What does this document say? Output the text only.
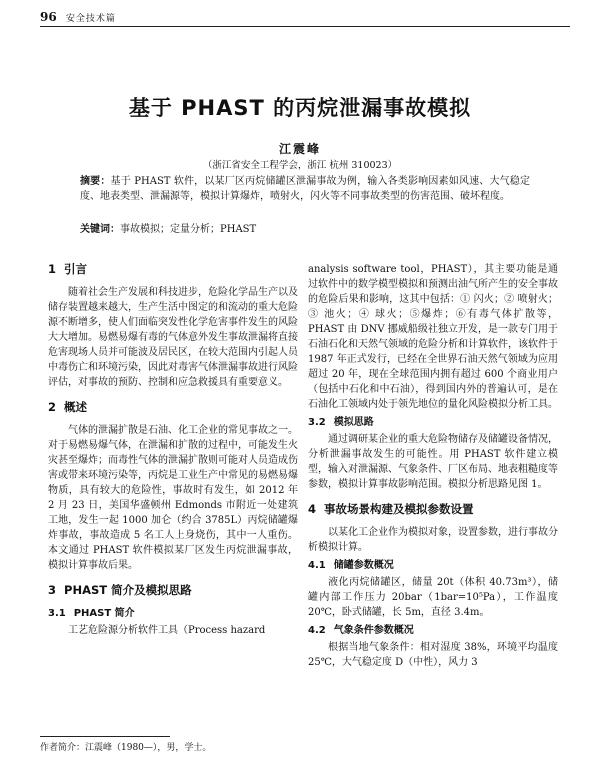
96 安全技术篇
基于 PHAST 的丙烷泄漏事故模拟
江震峰
（浙江省安全工程学会，浙江 杭州 310023）
摘要：基于 PHAST 软件，以某厂区丙烷储罐区泄漏事故为例，输入各类影响因素如风速、大气稳定度、地表类型、泄漏源等，模拟计算爆炸，喷射火，闪火等不同事故类型的伤害范围、破坏程度。
关键词：事故模拟；定量分析；PHAST
1 引言

随着社会生产发展和科技进步，危险化学品生产以及储存装置越来越大，生产生活中图定的和流动的重大危险源不断增多，使人们面临突发性化学危害事件发生的风险大大增加。易燃易爆有毒的气体意外发生事故泄漏将直接危害现场人员并可能波及居民区，在较大范围内引起人员中毒伤亡和环境污染，因此对毒害气体泄漏事故进行风险评估，对事故的预防、控制和应急救援具有重要意义。

2 概述

气体的泄漏扩散是石油、化工企业的常见事故之一。对于易燃易爆气体，在泄漏和扩散的过程中，可能发生火灾甚至爆炸；而毒性气体的泄漏扩散则可能对人员造成伤害或带来环境污染等，丙烷是工业生产中常见的易燃易爆物质，具有较大的危险性，事故时有发生，如 2012 年 2 月 23 日，美国华盛顿州 Edmonds 市附近一处建筑工地，发生一起 1000 加仑（约合 3785L）丙烷储罐爆炸事故，事故造成 5 名工人上身烧伤，其中一人重伤。本文通过 PHAST 软件模拟某厂区发生丙烷泄漏事故，模拟计算事故后果。

3 PHAST 简介及模拟思路
3.1 PHAST 简介

工艺危险源分析软件工具（Process hazard

analysis software tool，PHAST），其主要功能是通过软件中的数学模型模拟和预测出油气所产生的安全事故的危险后果和影响，这其中包括：① 闪火；② 喷射火；③ 池火；④ 球火；⑤爆炸；⑥有毒气体扩散等，PHAST 由 DNV 挪威船级社独立开发，是一款专门用于石油石化和天然气领域的危险分析和计算软件，该软件于 1987 年正式发行，已经在全世界石油天然气领域为应用超过 20 年，现在全球范围内拥有超过 600 个商业用户（包括中石化和中石油），得到国内外的普遍认可，是在石油化工领域内处于领先地位的量化风险模拟分析工具。

3.2 模拟思路

通过调研某企业的重大危险物储存及储罐设备情况，分析泄漏事故发生的可能性。用 PHAST 软件建立模型，输入对泄漏源、气象条件、厂区布局、地表粗糙度等参数，模拟计算事故影响范围。模拟分析思路见图 1。

4 事故场景构建及模拟参数设置

以某化工企业作为模拟对象，设置参数，进行事故分析模拟计算。

4.1 储罐参数概况

液化丙烷储罐区，储量 20t（体积 40.73m³），储罐内部工作压力 20bar（1bar=10⁵Pa），工作温度 20℃，卧式储罐，长 5m，直径 3.4m。

4.2 气象条件参数概况

根据当地气象条件：相对湿度 38%，环境平均温度 25℃，大气稳定度 D（中性），风力 3

作者简介：江震峰（1980—），男，学士。
